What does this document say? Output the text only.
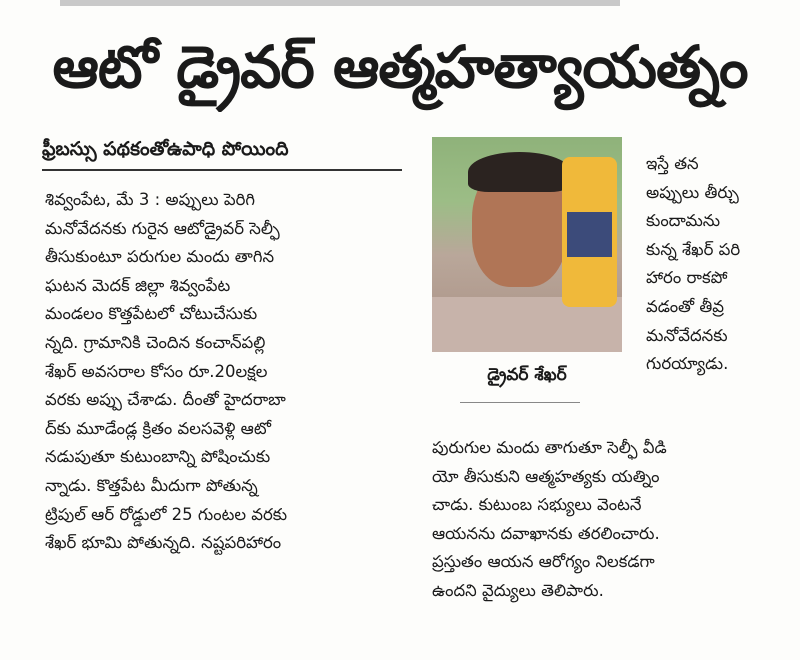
ఆటో డ్రైవర్ ఆత్మహత్యాయత్నం
ఫ్రీబస్సు పథకంతోఉపాధి పోయింది

శివ్వంపేట, మే 3 : అప్పులు పెరిగి

మనోవేదనకు గురైన ఆటోడ్రైవర్ సెల్ఫీ

తీసుకుంటూ పరుగుల మందు తాగిన

ఘటన మెదక్ జిల్లా శివ్వంపేట

మండలం కొత్తపేటలో చోటుచేసుకు

న్నది. గ్రామానికి చెందిన కంచాన్‌పల్లి

శేఖర్ అవసరాల కోసం రూ.20లక్షల

వరకు అప్పు చేశాడు. దీంతో హైదరాబా

ద్‌కు మూడేండ్ల క్రితం వలసవెళ్లి ఆటో

నడుపుతూ కుటుంబాన్ని పోషించుకు

న్నాడు. కొత్తపేట మీదుగా పోతున్న

ట్రిపుల్ ఆర్ రోడ్డులో 25 గుంటల వరకు

శేఖర్ భూమి పోతున్నది. నష్టపరిహారం

డ్రైవర్ శేఖర్

ఇస్తే తన

అప్పులు తీర్చు

కుందామను

కున్న శేఖర్ పరి

హారం రాకపో

వడంతో తీవ్ర

మనోవేదనకు

గురయ్యాడు.

పురుగుల మందు తాగుతూ సెల్ఫీ వీడి

యో తీసుకుని ఆత్మహత్యకు యత్నిం

చాడు. కుటుంబ సభ్యులు వెంటనే

ఆయనను దవాఖానకు తరలించారు.

ప్రస్తుతం ఆయన ఆరోగ్యం నిలకడగా

ఉందని వైద్యులు తెలిపారు.
